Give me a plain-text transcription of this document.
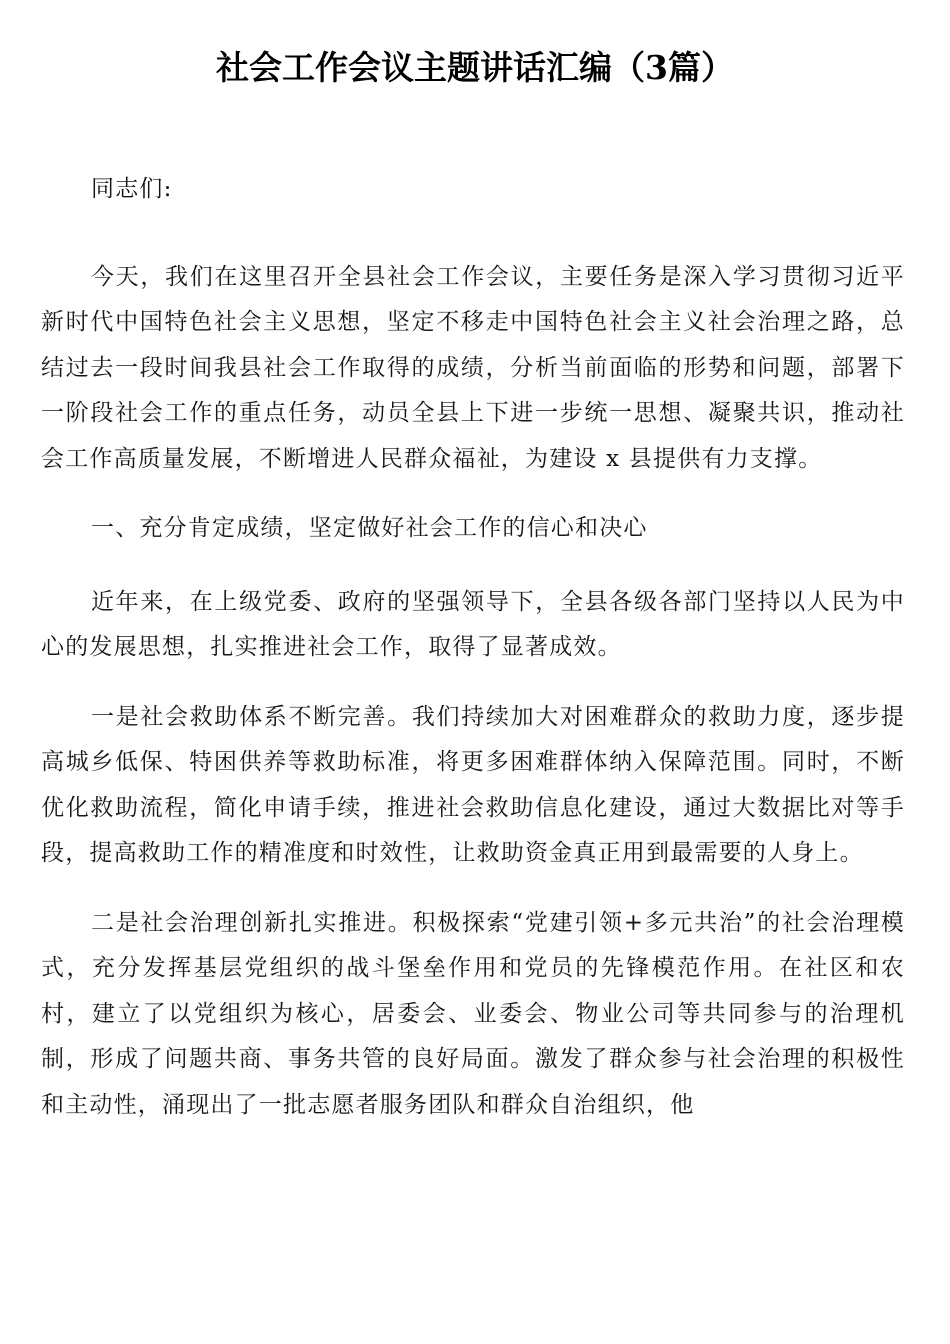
社会工作会议主题讲话汇编（3篇）

同志们:

今天，我们在这里召开全县社会工作会议，主要任务是深入学习贯彻习近平新时代中国特色社会主义思想，坚定不移走中国特色社会主义社会治理之路，总结过去一段时间我县社会工作取得的成绩，分析当前面临的形势和问题，部署下一阶段社会工作的重点任务，动员全县上下进一步统一思想、凝聚共识，推动社会工作高质量发展，不断增进人民群众福祉，为建设 x 县提供有力支撑。

一、充分肯定成绩，坚定做好社会工作的信心和决心

近年来，在上级党委、政府的坚强领导下，全县各级各部门坚持以人民为中心的发展思想，扎实推进社会工作，取得了显著成效。

一是社会救助体系不断完善。我们持续加大对困难群众的救助力度，逐步提高城乡低保、特困供养等救助标准，将更多困难群体纳入保障范围。同时，不断优化救助流程，简化申请手续，推进社会救助信息化建设，通过大数据比对等手段，提高救助工作的精准度和时效性，让救助资金真正用到最需要的人身上。

二是社会治理创新扎实推进。积极探索“党建引领+多元共治”的社会治理模式，充分发挥基层党组织的战斗堡垒作用和党员的先锋模范作用。在社区和农村，建立了以党组织为核心，居委会、业委会、物业公司等共同参与的治理机制，形成了问题共商、事务共管的良好局面。激发了群众参与社会治理的积极性和主动性，涌现出了一批志愿者服务团队和群众自治组织，他
